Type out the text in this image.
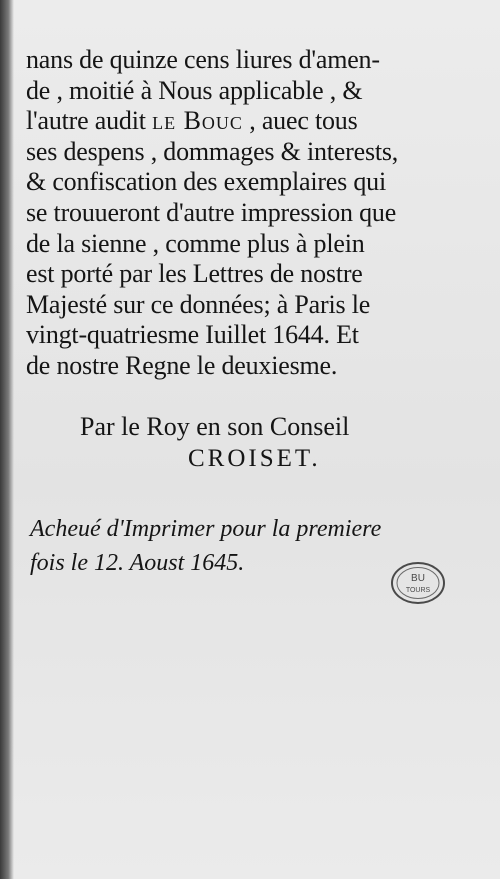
nans de quinze cens liures d'amen-
de , moitié à Nous applicable , &
l'autre audit le Bouc , auec tous
ses despens , dommages & interests,
& confiscation des exemplaires qui
se trouueront d'autre impression que
de la sienne , comme plus à plein
est porté par les Lettres de nostre
Majesté sur ce données; à Paris le
vingt-quatriesme Iuillet 1644. Et
de nostre Regne le deuxiesme.
Par le Roy en son Conseil
CROISET.
Acheué d'Imprimer pour la premiere
fois le 12. Aoust 1645.
BU
TOURS
